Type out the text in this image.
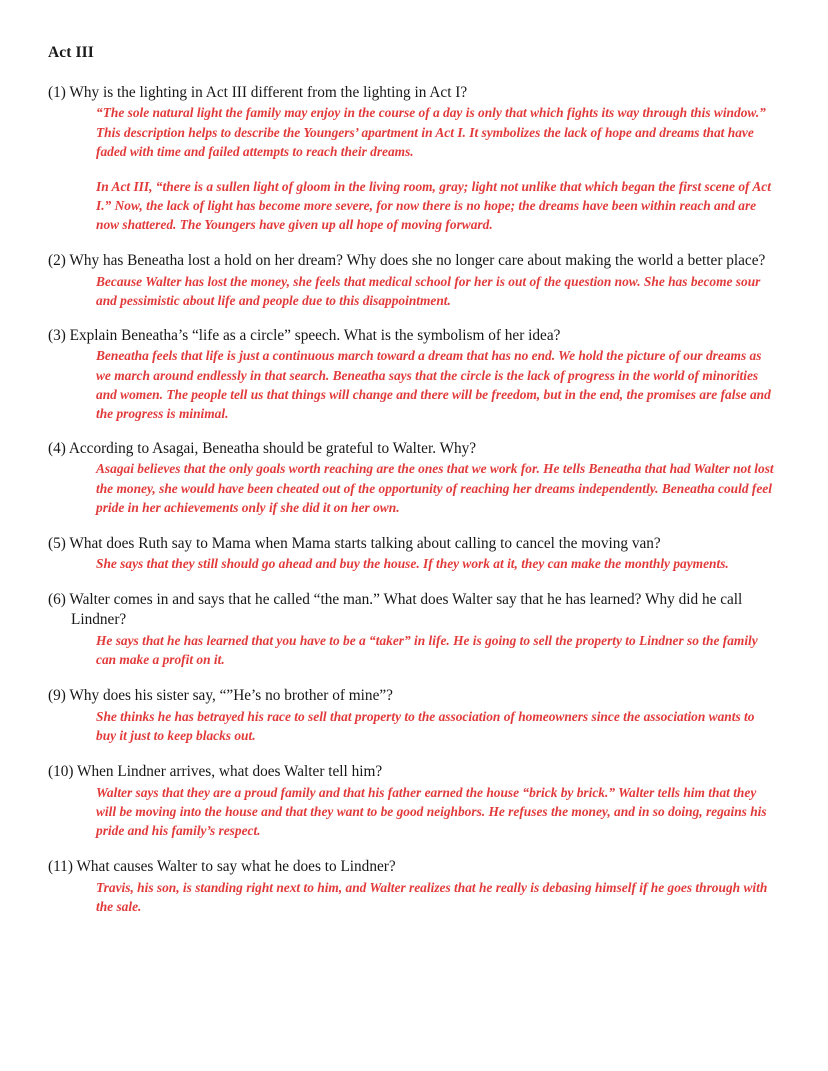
Act III

(1) Why is the lighting in Act III different from the lighting in Act I?

“The sole natural light the family may enjoy in the course of a day is only that which fights its way through this window.” This description helps to describe the Youngers’ apartment in Act I. It symbolizes the lack of hope and dreams that have faded with time and failed attempts to reach their dreams.

In Act III, “there is a sullen light of gloom in the living room, gray; light not unlike that which began the first scene of Act I.” Now, the lack of light has become more severe, for now there is no hope; the dreams have been within reach and are now shattered. The Youngers have given up all hope of moving forward.

(2) Why has Beneatha lost a hold on her dream? Why does she no longer care about making the world a better place?

Because Walter has lost the money, she feels that medical school for her is out of the question now. She has become sour and pessimistic about life and people due to this disappointment.

(3) Explain Beneatha’s “life as a circle” speech. What is the symbolism of her idea?

Beneatha feels that life is just a continuous march toward a dream that has no end. We hold the picture of our dreams as we march around endlessly in that search. Beneatha says that the circle is the lack of progress in the world of minorities and women. The people tell us that things will change and there will be freedom, but in the end, the promises are false and the progress is minimal.

(4) According to Asagai, Beneatha should be grateful to Walter. Why?

Asagai believes that the only goals worth reaching are the ones that we work for. He tells Beneatha that had Walter not lost the money, she would have been cheated out of the opportunity of reaching her dreams independently. Beneatha could feel pride in her achievements only if she did it on her own.

(5) What does Ruth say to Mama when Mama starts talking about calling to cancel the moving van?

She says that they still should go ahead and buy the house. If they work at it, they can make the monthly payments.

(6) Walter comes in and says that he called “the man.” What does Walter say that he has learned? Why did he call Lindner?

He says that he has learned that you have to be a “taker” in life. He is going to sell the property to Lindner so the family can make a profit on it.

(9) Why does his sister say, “”He’s no brother of mine”?

She thinks he has betrayed his race to sell that property to the association of homeowners since the association wants to buy it just to keep blacks out.

(10) When Lindner arrives, what does Walter tell him?

Walter says that they are a proud family and that his father earned the house “brick by brick.” Walter tells him that they will be moving into the house and that they want to be good neighbors. He refuses the money, and in so doing, regains his pride and his family’s respect.

(11) What causes Walter to say what he does to Lindner?

Travis, his son, is standing right next to him, and Walter realizes that he really is debasing himself if he goes through with the sale.
